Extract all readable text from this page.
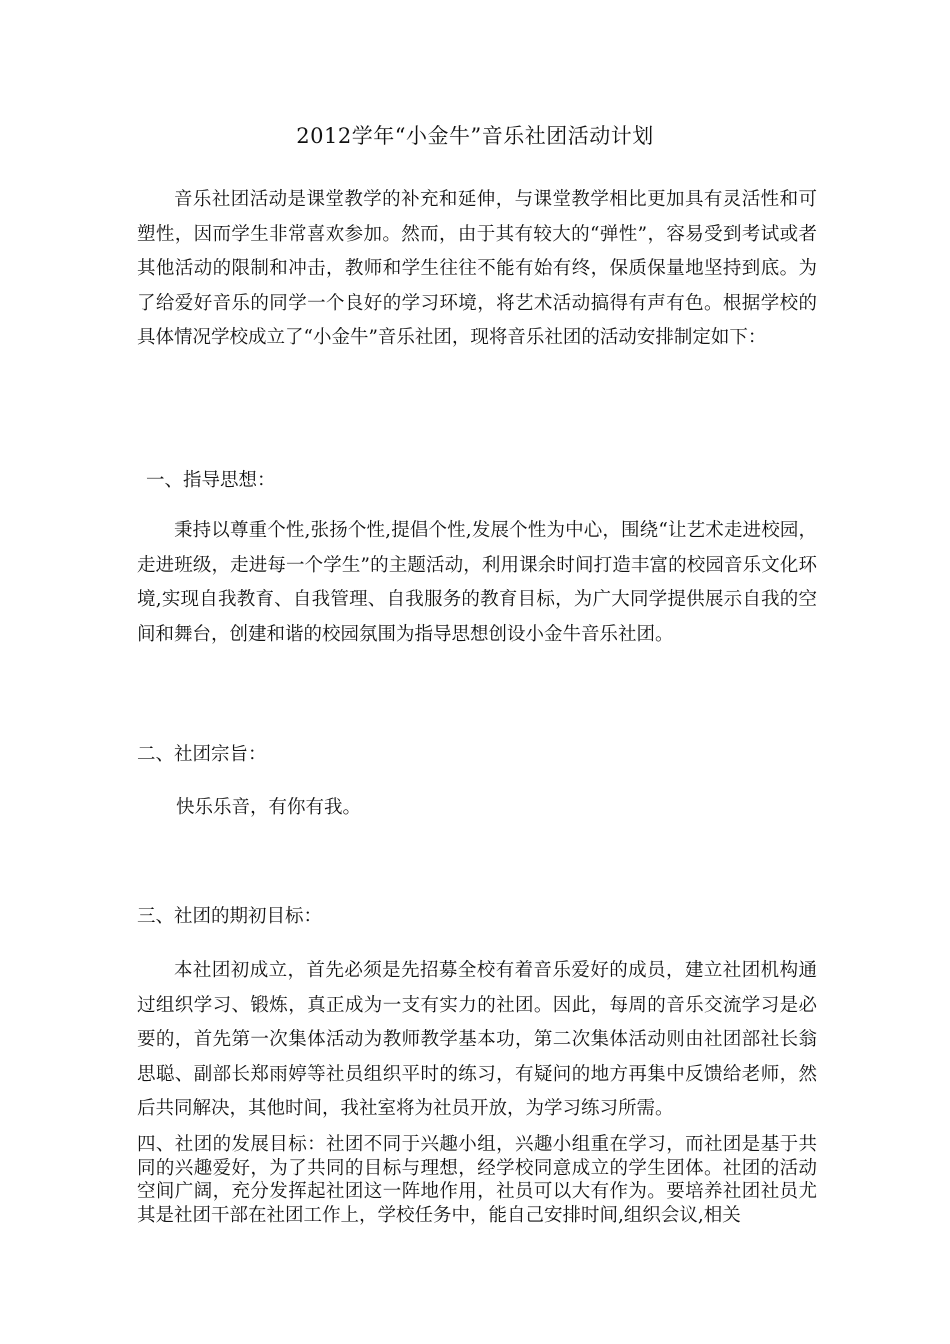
2012学年“小金牛”音乐社团活动计划

音乐社团活动是课堂教学的补充和延伸，与课堂教学相比更加具有灵活性和可塑性，因而学生非常喜欢参加。然而，由于其有较大的“弹性”，容易受到考试或者其他活动的限制和冲击，教师和学生往往不能有始有终，保质保量地坚持到底。为了给爱好音乐的同学一个良好的学习环境，将艺术活动搞得有声有色。根据学校的具体情况学校成立了“小金牛”音乐社团，现将音乐社团的活动安排制定如下：

一、指导思想：

秉持以尊重个性,张扬个性,提倡个性,发展个性为中心，围绕“让艺术走进校园，走进班级，走进每一个学生”的主题活动，利用课余时间打造丰富的校园音乐文化环境,实现自我教育、自我管理、自我服务的教育目标，为广大同学提供展示自我的空间和舞台，创建和谐的校园氛围为指导思想创设小金牛音乐社团。

二、社团宗旨：

快乐乐音，有你有我。

三、社团的期初目标：

本社团初成立，首先必须是先招募全校有着音乐爱好的成员，建立社团机构通过组织学习、锻炼，真正成为一支有实力的社团。因此，每周的音乐交流学习是必要的，首先第一次集体活动为教师教学基本功，第二次集体活动则由社团部社长翁思聪、副部长郑雨婷等社员组织平时的练习，有疑问的地方再集中反馈给老师，然后共同解决，其他时间，我社室将为社员开放，为学习练习所需。

四、社团的发展目标：社团不同于兴趣小组，兴趣小组重在学习，而社团是基于共同的兴趣爱好，为了共同的目标与理想，经学校同意成立的学生团体。社团的活动空间广阔，充分发挥起社团这一阵地作用，社员可以大有作为。要培养社团社员尤其是社团干部在社团工作上，学校任务中，能自己安排时间,组织会议,相关
